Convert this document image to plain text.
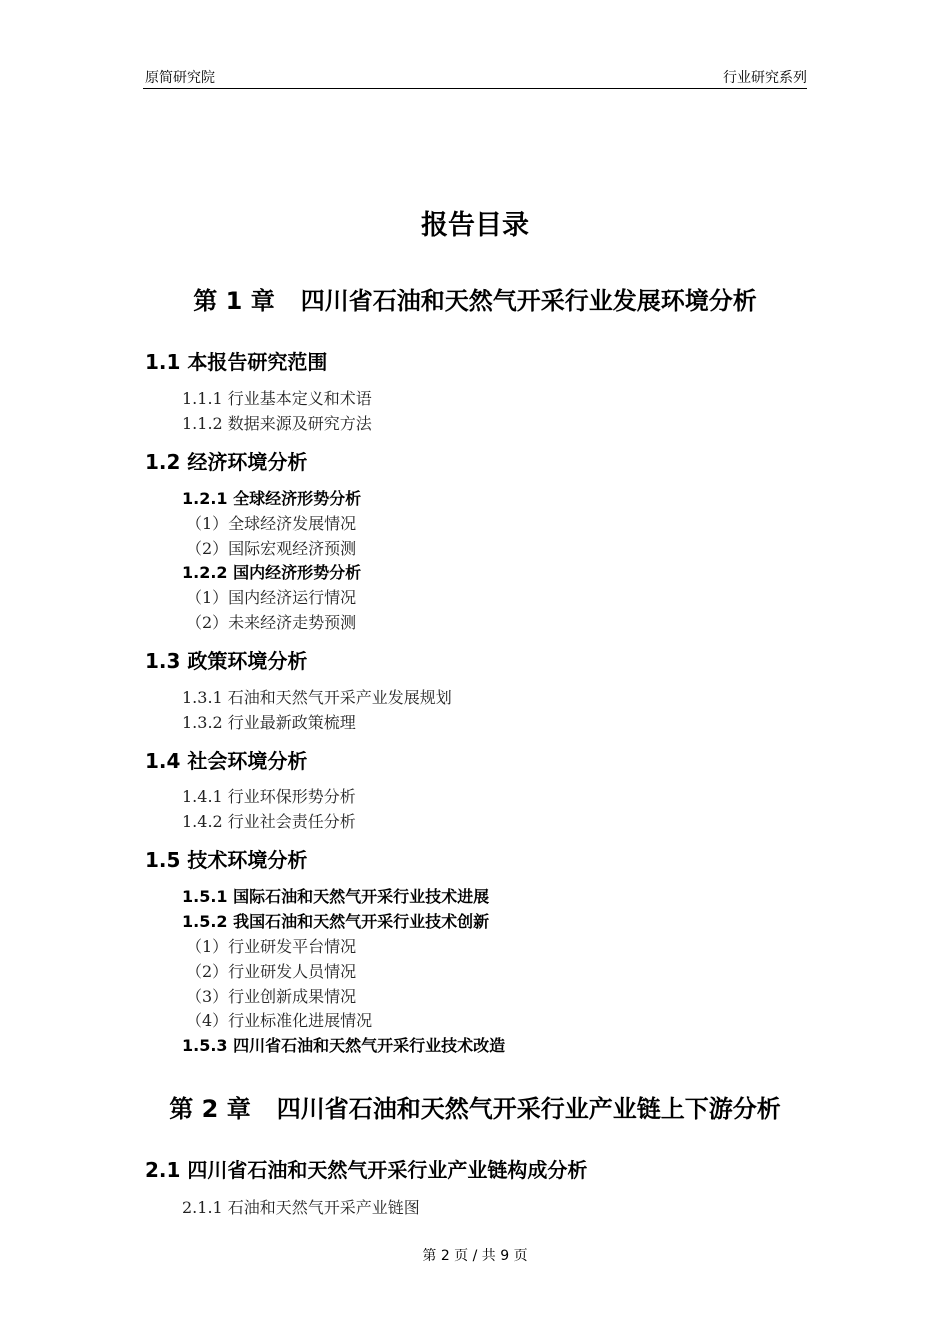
原简研究院	行业研究系列
报告目录
第 1 章 四川省石油和天然气开采行业发展环境分析
1.1 本报告研究范围
1.1.1 行业基本定义和术语
1.1.2 数据来源及研究方法
1.2 经济环境分析
1.2.1 全球经济形势分析
（1）全球经济发展情况
（2）国际宏观经济预测
1.2.2 国内经济形势分析
（1）国内经济运行情况
（2）未来经济走势预测
1.3 政策环境分析
1.3.1 石油和天然气开采产业发展规划
1.3.2 行业最新政策梳理
1.4 社会环境分析
1.4.1 行业环保形势分析
1.4.2 行业社会责任分析
1.5 技术环境分析
1.5.1 国际石油和天然气开采行业技术进展
1.5.2 我国石油和天然气开采行业技术创新
（1）行业研发平台情况
（2）行业研发人员情况
（3）行业创新成果情况
（4）行业标准化进展情况
1.5.3 四川省石油和天然气开采行业技术改造
第 2 章 四川省石油和天然气开采行业产业链上下游分析
2.1 四川省石油和天然气开采行业产业链构成分析
2.1.1 石油和天然气开采产业链图
第 2 页 / 共 9 页
